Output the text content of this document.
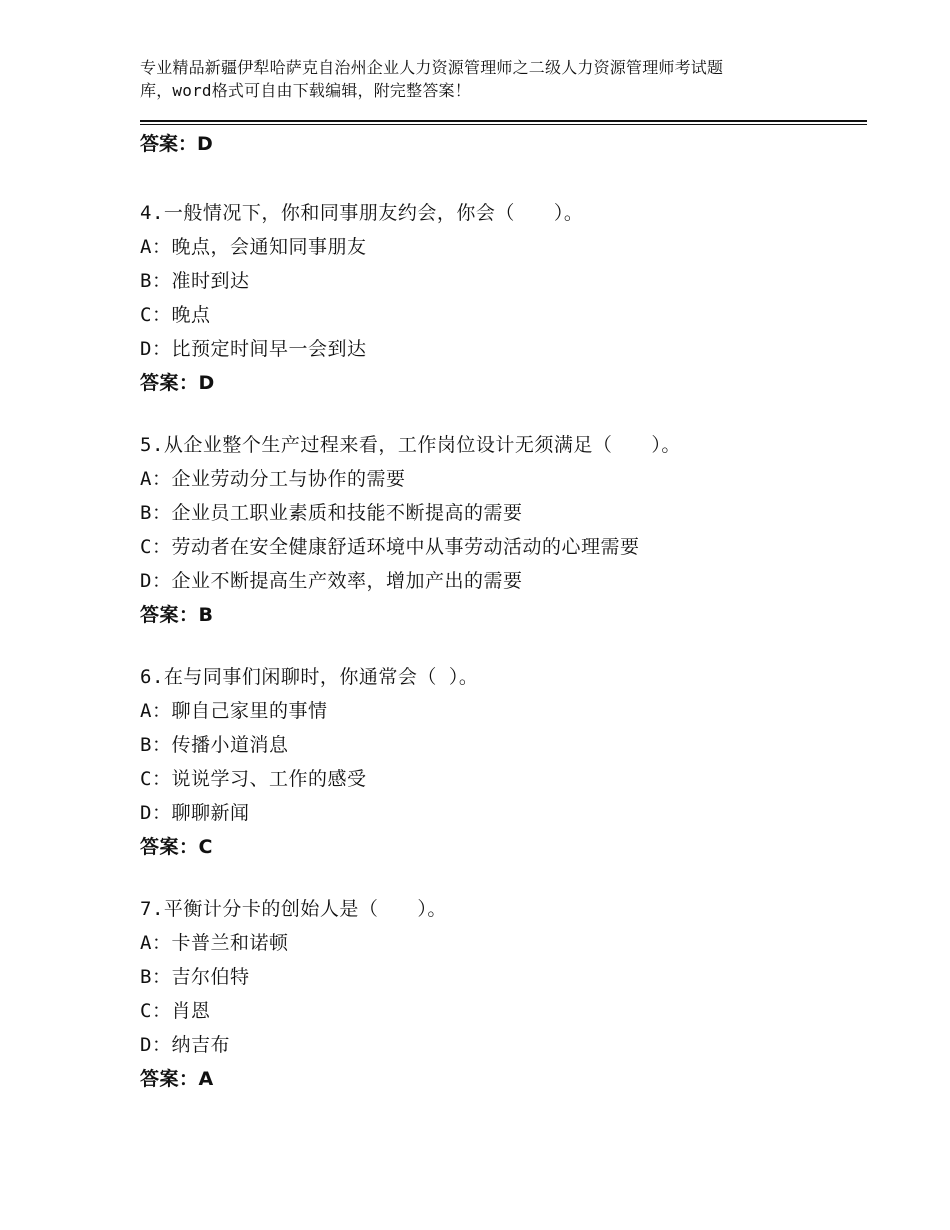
专业精品新疆伊犁哈萨克自治州企业人力资源管理师之二级人力资源管理师考试题
库，word格式可自由下载编辑，附完整答案！
答案：D
4.一般情况下，你和同事朋友约会，你会（　　）。
A：晚点，会通知同事朋友
B：准时到达
C：晚点
D：比预定时间早一会到达
答案：D
5.从企业整个生产过程来看，工作岗位设计无须满足（　　）。
A：企业劳动分工与协作的需要
B：企业员工职业素质和技能不断提高的需要
C：劳动者在安全健康舒适环境中从事劳动活动的心理需要
D：企业不断提高生产效率，增加产出的需要
答案：B
6.在与同事们闲聊时，你通常会（ ）。
A：聊自己家里的事情
B：传播小道消息
C：说说学习、工作的感受
D：聊聊新闻
答案：C
7.平衡计分卡的创始人是（　　）。
A：卡普兰和诺顿
B：吉尔伯特
C：肖恩
D：纳吉布
答案：A
